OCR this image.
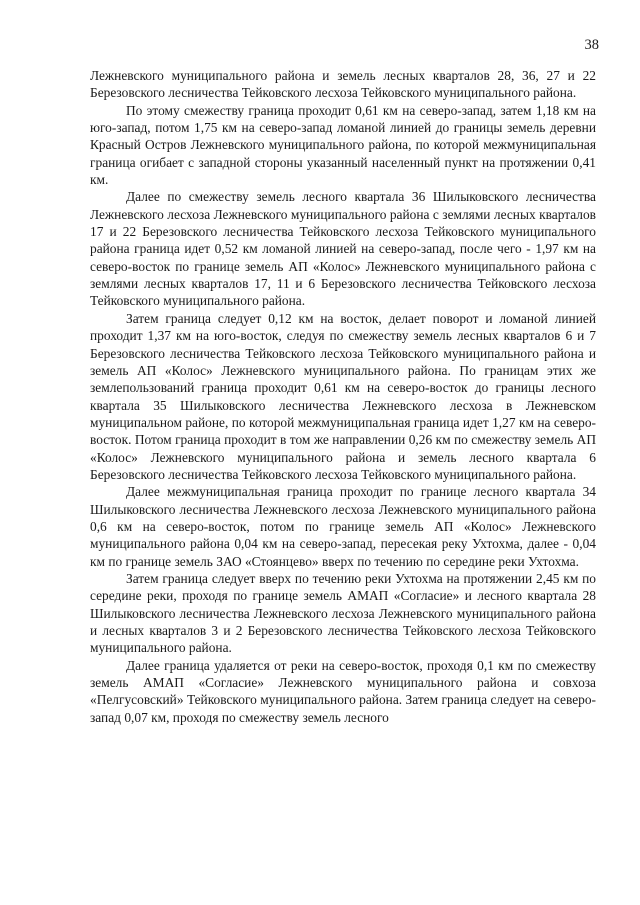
38

Лежневского муниципального района и земель лесных кварталов 28, 36, 27 и 22 Березовского лесничества Тейковского лесхоза Тейковского муниципального района.

По этому смежеству граница проходит 0,61 км на северо-запад, затем 1,18 км на юго-запад, потом 1,75 км на северо-запад ломаной линией до границы земель деревни Красный Остров Лежневского муниципального района, по которой межмуниципальная граница огибает с западной стороны указанный населенный пункт на протяжении 0,41 км.

Далее по смежеству земель лесного квартала 36 Шилыковского лесничества Лежневского лесхоза Лежневского муниципального района с землями лесных кварталов 17 и 22 Березовского лесничества Тейковского лесхоза Тейковского муниципального района граница идет 0,52 км ломаной линией на северо-запад, после чего - 1,97 км на северо-восток по границе земель АП «Колос» Лежневского муниципального района с землями лесных кварталов 17, 11 и 6 Березовского лесничества Тейковского лесхоза Тейковского муниципального района.

Затем граница следует 0,12 км на восток, делает поворот и ломаной линией проходит 1,37 км на юго-восток, следуя по смежеству земель лесных кварталов 6 и 7 Березовского лесничества Тейковского лесхоза Тейковского муниципального района и земель АП «Колос» Лежневского муниципального района. По границам этих же землепользований граница проходит 0,61 км на северо-восток до границы лесного квартала 35 Шилыковского лесничества Лежневского лесхоза в Лежневском муниципальном районе, по которой межмуниципальная граница идет 1,27 км на северо-восток. Потом граница проходит в том же направлении 0,26 км по смежеству земель АП «Колос» Лежневского муниципального района и земель лесного квартала 6 Березовского лесничества Тейковского лесхоза Тейковского муниципального района.

Далее межмуниципальная граница проходит по границе лесного квартала 34 Шилыковского лесничества Лежневского лесхоза Лежневского муниципального района 0,6 км на северо-восток, потом по границе земель АП «Колос» Лежневского муниципального района 0,04 км на северо-запад, пересекая реку Ухтохма, далее - 0,04 км по границе земель ЗАО «Стоянцево» вверх по течению по середине реки Ухтохма.

Затем граница следует вверх по течению реки Ухтохма на протяжении 2,45 км по середине реки, проходя по границе земель АМАП «Согласие» и лесного квартала 28 Шилыковского лесничества Лежневского лесхоза Лежневского муниципального района и лесных кварталов 3 и 2 Березовского лесничества Тейковского лесхоза Тейковского муниципального района.

Далее граница удаляется от реки на северо-восток, проходя 0,1 км по смежеству земель АМАП «Согласие» Лежневского муниципального района и совхоза «Пелгусовский» Тейковского муниципального района. Затем граница следует на северо-запад 0,07 км, проходя по смежеству земель лесного
